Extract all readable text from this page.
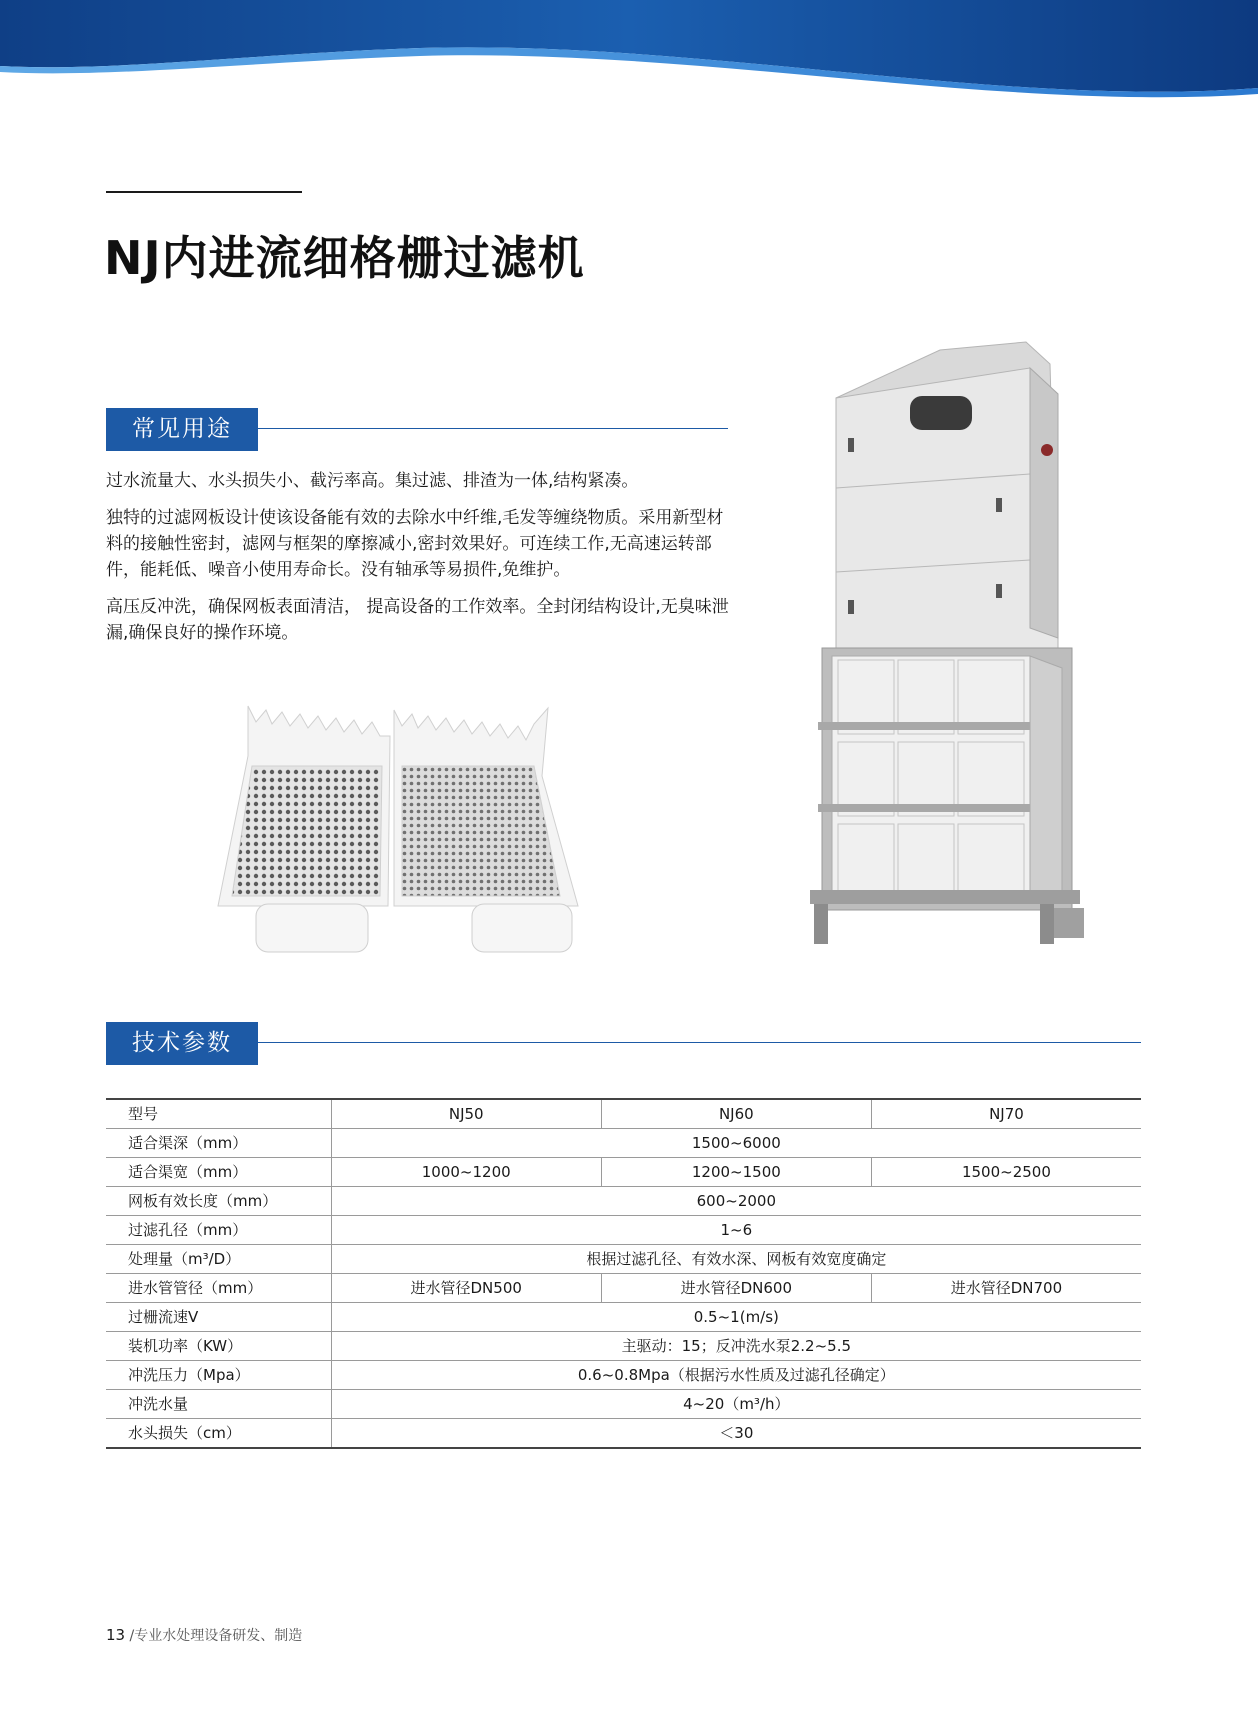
NJ内进流细格栅过滤机
常见用途

过水流量大、水头损失小、截污率高。集过滤、排渣为一体,结构紧凑。

独特的过滤网板设计使该设备能有效的去除水中纤维,毛发等缠绕物质。采用新型材料的接触性密封，滤网与框架的摩擦减小,密封效果好。可连续工作,无高速运转部件，能耗低、噪音小使用寿命长。没有轴承等易损件,免维护。

高压反冲洗，确保网板表面清洁， 提高设备的工作效率。全封闭结构设计,无臭味泄漏,确保良好的操作环境。

技术参数
型号	NJ50	NJ60	NJ70
适合渠深（mm）	1500~6000		
适合渠宽（mm）	1000~1200	1200~1500	1500~2500
网板有效长度（mm）	600~2000		
过滤孔径（mm）	1~6		
处理量（m³/D）	根据过滤孔径、有效水深、网板有效宽度确定		
进水管管径（mm）	进水管径DN500	进水管径DN600	进水管径DN700
过栅流速V	0.5~1(m/s)		
装机功率（KW）	主驱动：15；反冲洗水泵2.2~5.5		
冲洗压力（Mpa）	0.6~0.8Mpa（根据污水性质及过滤孔径确定）		
冲洗水量	4~20（m³/h）		
水头损失（cm）	＜30		
13 /专业水处理设备研发、制造
